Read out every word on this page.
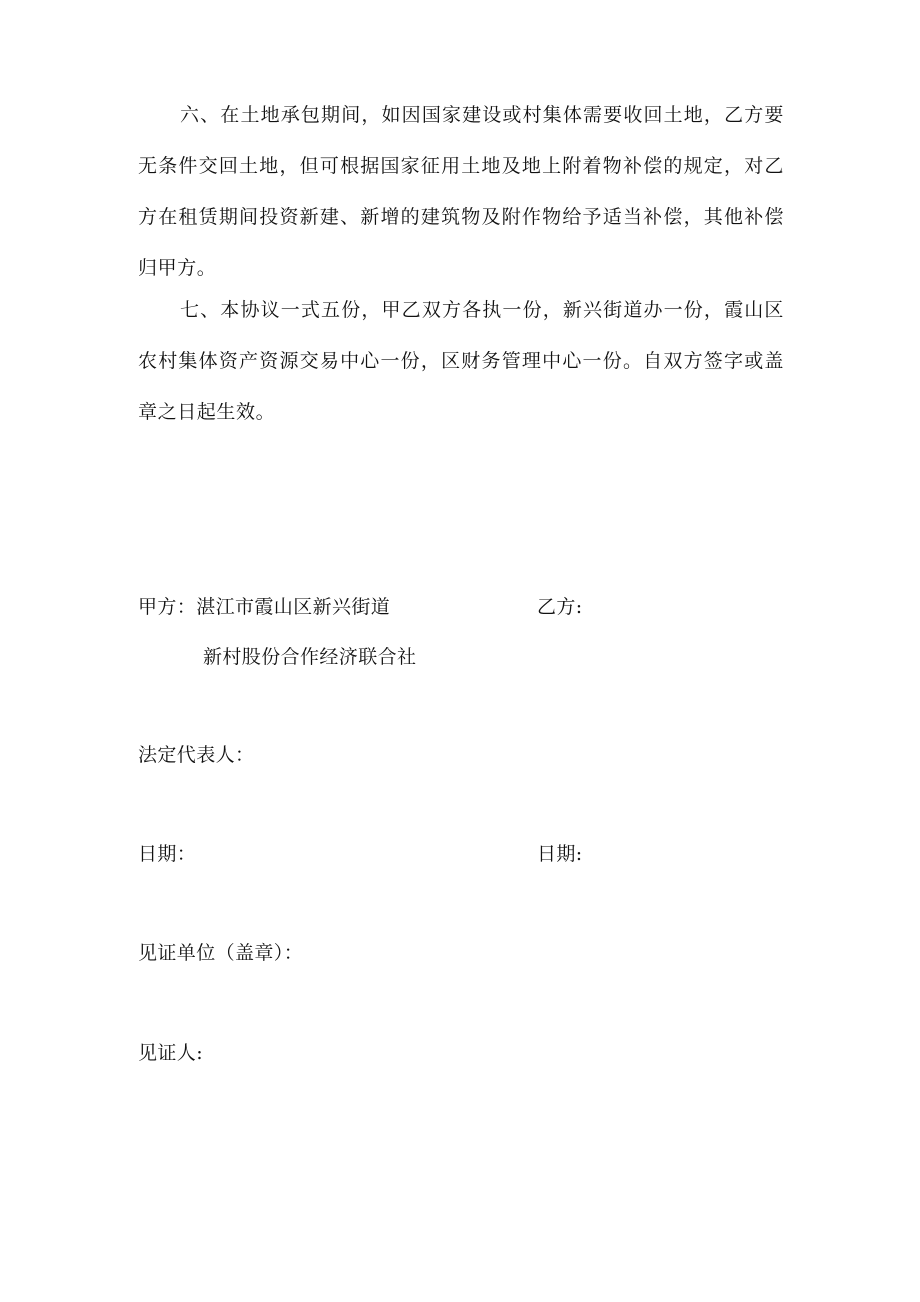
六、在土地承包期间，如因国家建设或村集体需要收回土地，乙方要无条件交回土地，但可根据国家征用土地及地上附着物补偿的规定，对乙方在租赁期间投资新建、新增的建筑物及附作物给予适当补偿，其他补偿归甲方。

七、本协议一式五份，甲乙双方各执一份，新兴街道办一份，霞山区农村集体资产资源交易中心一份，区财务管理中心一份。自双方签字或盖章之日起生效。

甲方：湛江市霞山区新兴街道

新村股份合作经济联合社

乙方:

法定代表人：

日期：	日期:

见证单位（盖章）：

见证人:
